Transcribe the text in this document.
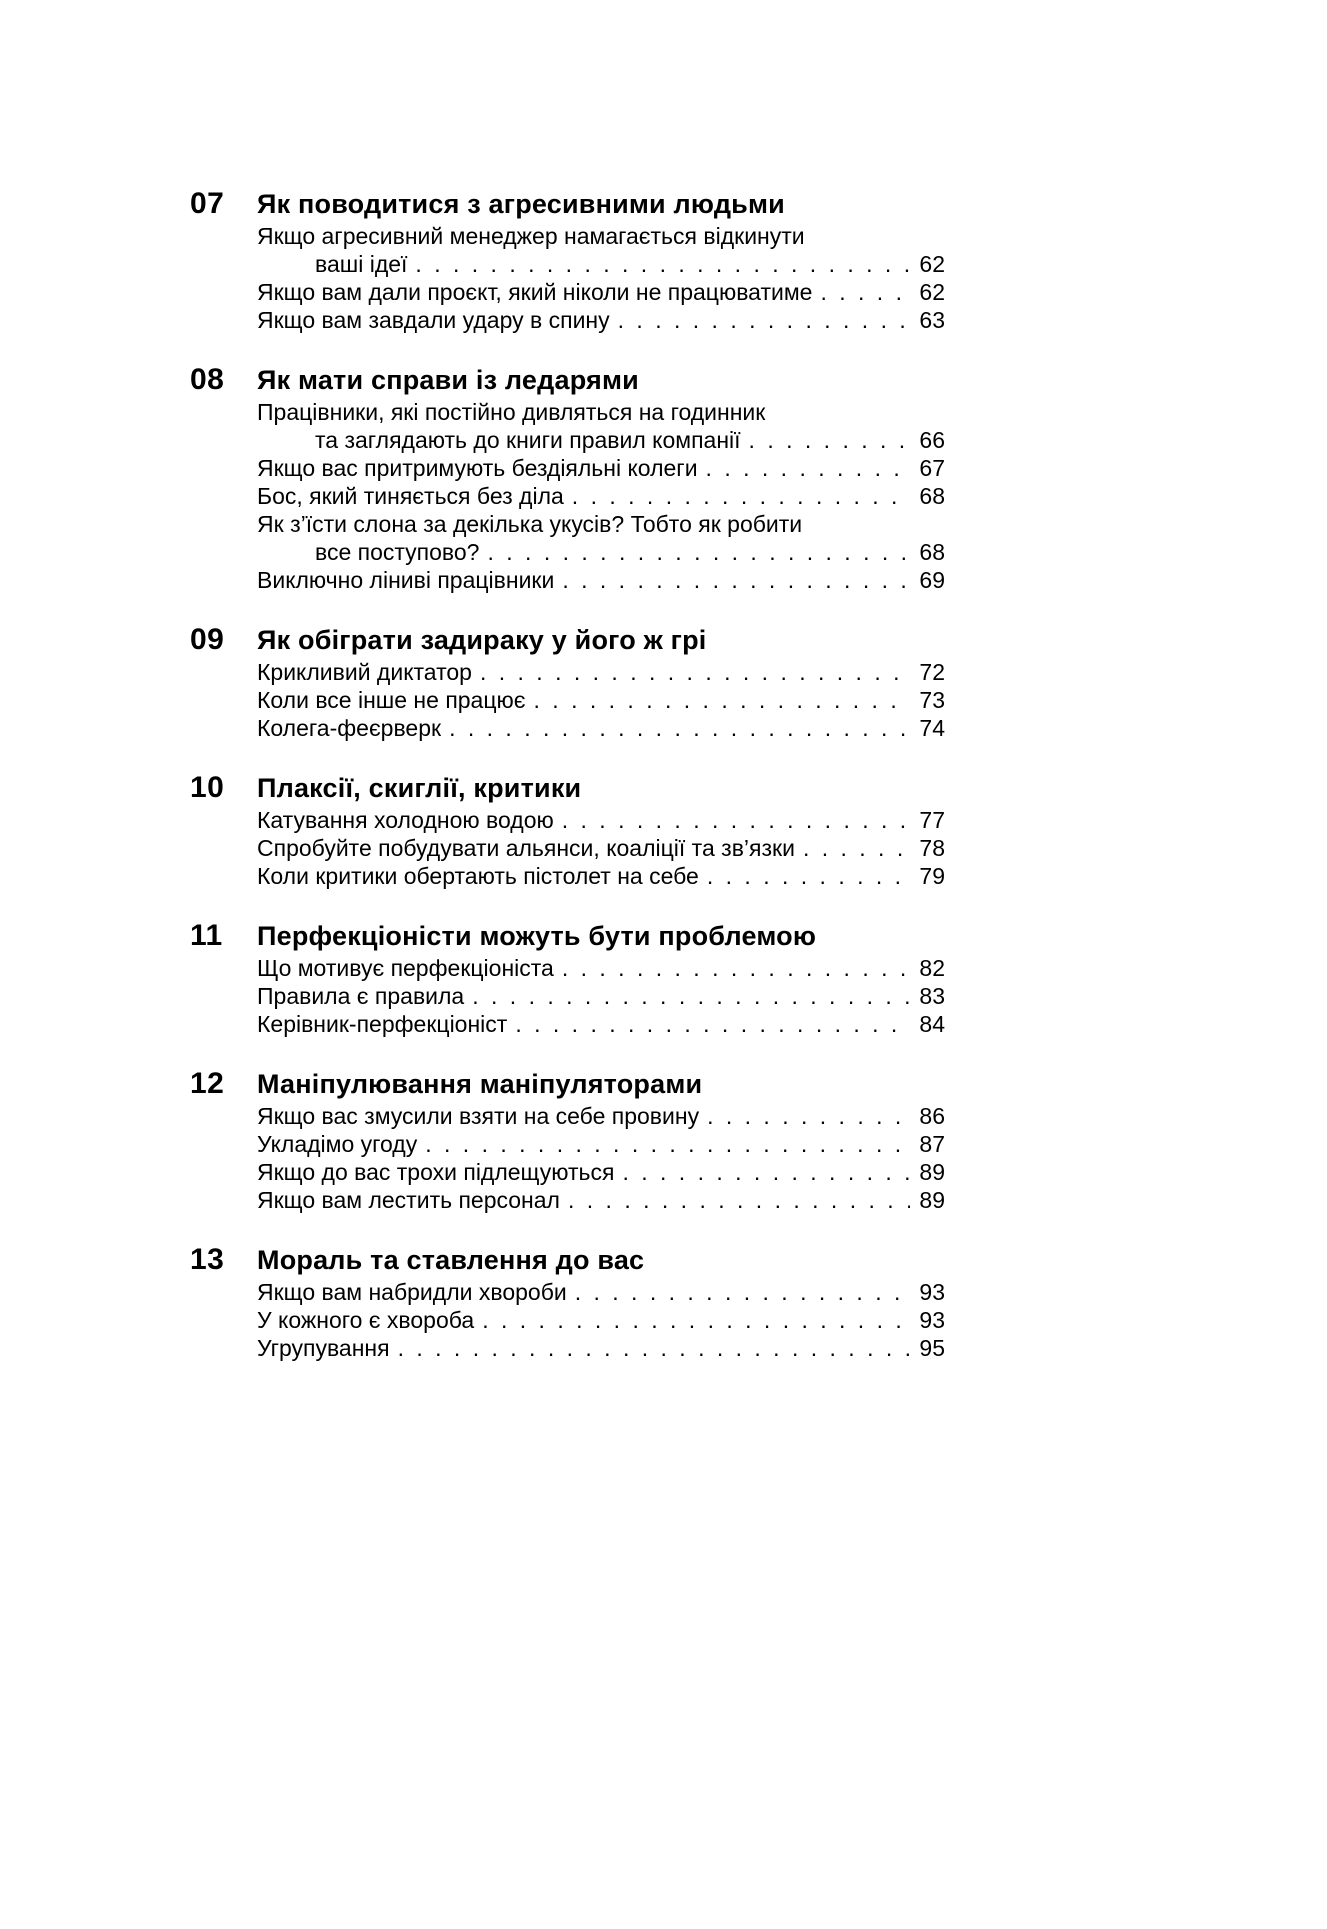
07	Як поводитися з агресивними людьми
Якщо агресивний менеджер намагається відкинути
ваші ідеї . . .	62
Якщо вам дали проєкт, який ніколи не працюватиме . . .	62
Якщо вам завдали удару в спину . . .	63
08	Як мати справи із ледарями
Працівники, які постійно дивляться на годинник
та заглядають до книги правил компанії . . .	66
Якщо вас притримують бездіяльні колеги . . .	67
Бос, який тиняється без діла . . .	68
Як з’їсти слона за декілька укусів? Тобто як робити
все поступово? . . .	68
Виключно ліниві працівники . . .	69
09	Як обіграти задираку у його ж грі
Крикливий диктатор . . .	72
Коли все інше не працює . . .	73
Колега-феєрверк . . .	74
10	Плаксії, скиглії, критики
Катування холодною водою . . .	77
Спробуйте побудувати альянси, коаліції та зв’язки . . .	78
Коли критики обертають пістолет на себе . . .	79
11	Перфекціоністи можуть бути проблемою
Що мотивує перфекціоніста . . .	82
Правила є правила . . .	83
Керівник-перфекціоніст . . .	84
12	Маніпулювання маніпуляторами
Якщо вас змусили взяти на себе провину . . .	86
Укладімо угоду . . .	87
Якщо до вас трохи підлещуються . . .	89
Якщо вам лестить персонал . . .	89
13	Мораль та ставлення до вас
Якщо вам набридли хвороби . . .	93
У кожного є хвороба . . .	93
Угрупування . . .	95
